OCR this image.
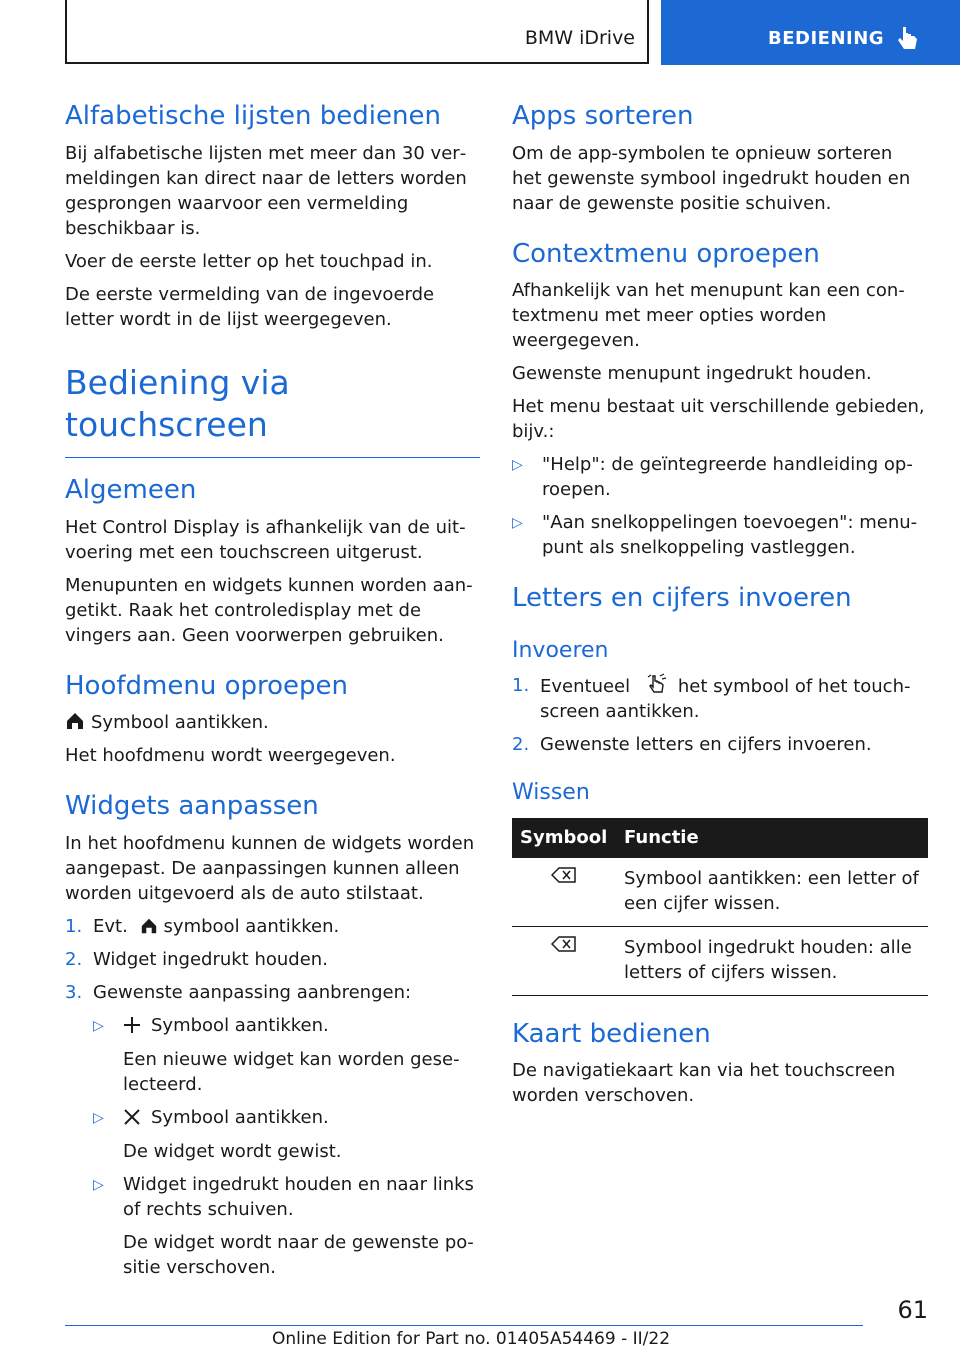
BMW iDrive	BEDIENING
Alfabetische lijsten bedienen

Bij alfabetische lijsten met meer dan 30 vermeldingen kan direct naar de letters worden gesprongen waarvoor een vermelding beschikbaar is.

Voer de eerste letter op het touchpad in.

De eerste vermelding van de ingevoerde letter wordt in de lijst weergegeven.

Bediening via touchscreen
Algemeen

Het Control Display is afhankelijk van de uitvoering met een touchscreen uitgerust.

Menupunten en widgets kunnen worden aangetikt. Raak het controledisplay met de vingers aan. Geen voorwerpen gebruiken.

Hoofdmenu oproepen

Symbool aantikken.

Het hoofdmenu wordt weergegeven.

Widgets aanpassen

In het hoofdmenu kunnen de widgets worden aangepast. De aanpassingen kunnen alleen worden uitgevoerd als de auto stilstaat.

1. Evt. symbool aantikken.
2. Widget ingedrukt houden.
3. Gewenste aanpassing aanbrengen:
▷	Symbool aantikken.

Een nieuwe widget kan worden geselecteerd.

▷	Symbool aantikken.

De widget wordt gewist.

▷	Widget ingedrukt houden en naar links of rechts schuiven.

De widget wordt naar de gewenste positie verschoven.

Apps sorteren

Om de app-symbolen te opnieuw sorteren het gewenste symbool ingedrukt houden en naar de gewenste positie schuiven.

Contextmenu oproepen

Afhankelijk van het menupunt kan een contextmenu met meer opties worden weergegeven.

Gewenste menupunt ingedrukt houden.

Het menu bestaat uit verschillende gebieden, bijv.:

▷	"Help": de geïntegreerde handleiding oproepen.
▷	"Aan snelkoppelingen toevoegen": menupunt als snelkoppeling vastleggen.
Letters en cijfers invoeren
Invoeren
1. Eventueel	het symbool of het touchscreen aantikken.
2. Gewenste letters en cijfers invoeren.
Wissen
Symbool	Functie
	Symbool aantikken: een letter of een cijfer wissen.
	Symbool ingedrukt houden: alle letters of cijfers wissen.
Kaart bedienen

De navigatiekaart kan via het touchscreen worden verschoven.

61
Online Edition for Part no. 01405A54469 - II/22
